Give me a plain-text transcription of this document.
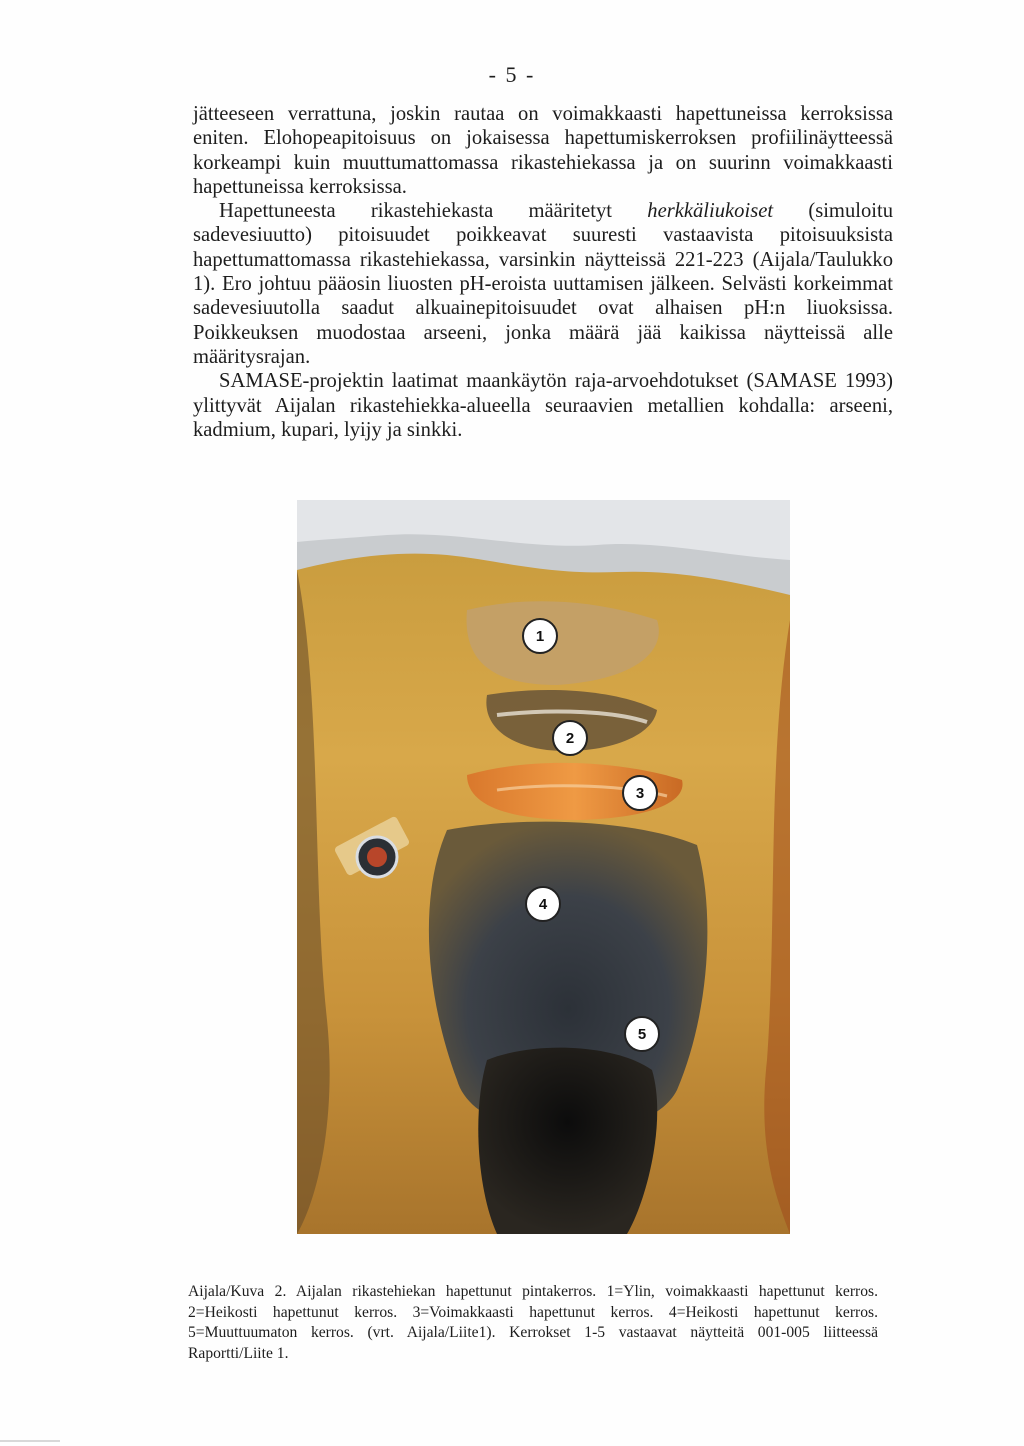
- 5 -

jätteeseen verrattuna, joskin rautaa on voimakkaasti hapettuneissa kerroksissa eniten. Elohopeapitoisuus on jokaisessa hapettumiskerroksen profiilinäytteessä korkeampi kuin muuttumattomassa rikastehiekassa ja on suurinn voimakkaasti hapettuneissa kerroksissa.

Hapettuneesta rikastehiekasta määritetyt herkkäliukoiset (simuloitu sadevesiuutto) pitoisuudet poikkeavat suuresti vastaavista pitoisuuksista hapettumattomassa rikastehiekassa, varsinkin näytteissä 221-223 (Aijala/Taulukko 1). Ero johtuu pääosin liuosten pH-eroista uuttamisen jälkeen. Selvästi korkeimmat sadevesiuutolla saadut alkuainepitoisuudet ovat alhaisen pH:n liuoksissa. Poikkeuksen muodostaa arseeni, jonka määrä jää kaikissa näytteissä alle määritysrajan.

SAMASE-projektin laatimat maankäytön raja-arvoehdotukset (SAMASE 1993) ylittyvät Aijalan rikastehiekka-alueella seuraavien metallien kohdalla: arseeni, kadmium, kupari, lyijy ja sinkki.

1
2
3
4
5
Aijala/Kuva 2. Aijalan rikastehiekan hapettunut pintakerros. 1=Ylin, voimakkaasti hapettunut kerros. 2=Heikosti hapettunut kerros. 3=Voimakkaasti hapettunut kerros. 4=Heikosti hapettunut kerros. 5=Muuttuumaton kerros. (vrt. Aijala/Liite1). Kerrokset 1-5 vastaavat näytteitä 001-005 liitteessä Raportti/Liite 1.
